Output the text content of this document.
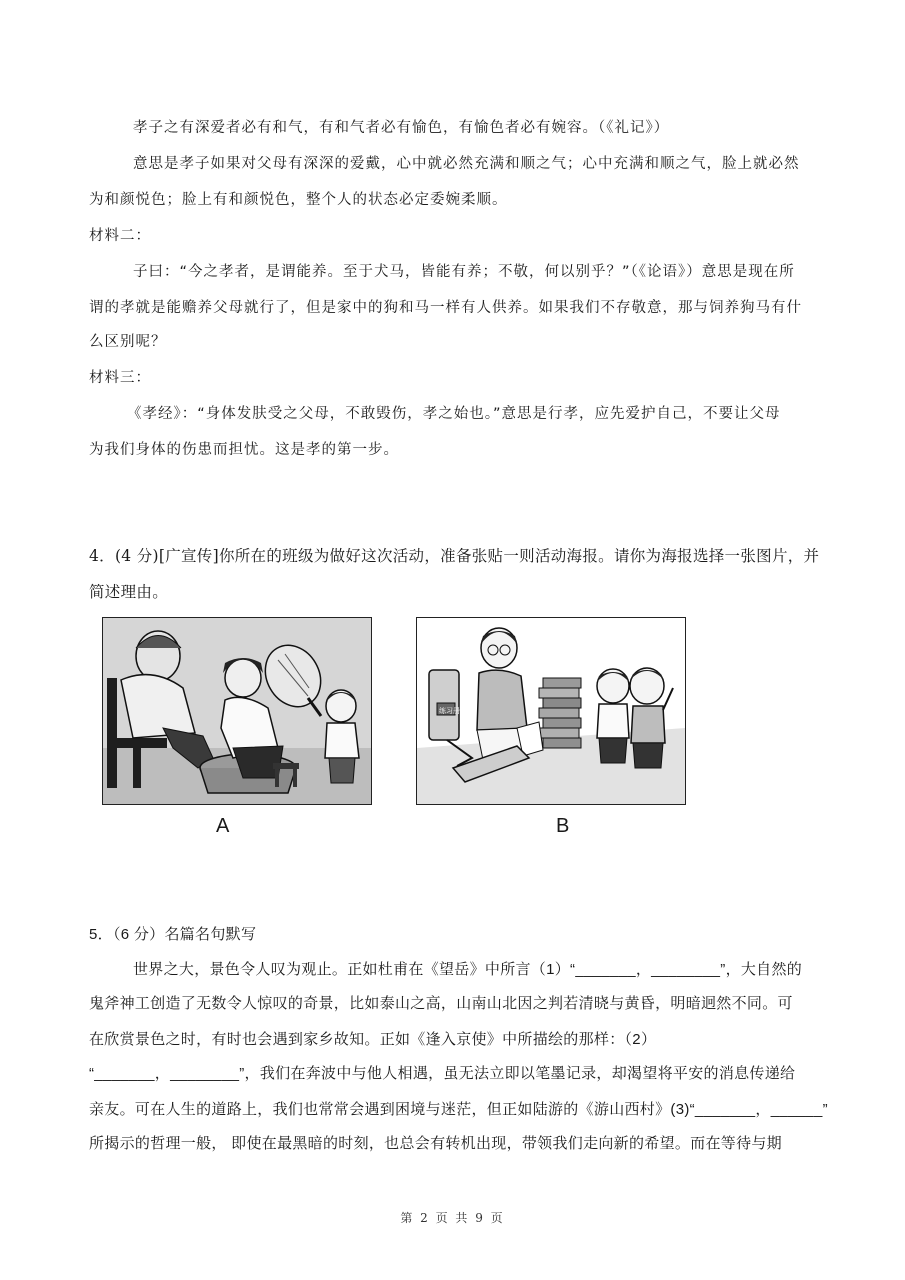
孝子之有深爱者必有和气，有和气者必有愉色，有愉色者必有婉容。（《礼记》）
意思是孝子如果对父母有深深的爱戴，心中就必然充满和顺之气；心中充满和顺之气，脸上就必然
为和颜悦色；脸上有和颜悦色，整个人的状态必定委婉柔顺。
材料二：
子曰：“今之孝者，是谓能养。至于犬马，皆能有养；不敬，何以别乎？”（《论语》）意思是现在所
谓的孝就是能赡养父母就行了，但是家中的狗和马一样有人供养。如果我们不存敬意，那与饲养狗马有什
么区别呢？
材料三：
《孝经》：“身体发肤受之父母，不敢毁伤，孝之始也。”意思是行孝，应先爱护自己，不要让父母
为我们身体的伤患而担忧。这是孝的第一步。
4．(4 分)[广宣传]你所在的班级为做好这次活动，准备张贴一则活动海报。请你为海报选择一张图片，并
简述理由。
A
练习册
B
5．（6 分）名篇名句默写
世界之大，景色令人叹为观止。正如杜甫在《望岳》中所言（1）“_______，________”，大自然的
鬼斧神工创造了无数令人惊叹的奇景，比如泰山之高，山南山北因之判若清晓与黄昏，明暗迥然不同。可
在欣赏景色之时，有时也会遇到家乡故知。正如《逢入京使》中所描绘的那样：（2）
“_______，________”，我们在奔波中与他人相遇，虽无法立即以笔墨记录，却渴望将平安的消息传递给
亲友。可在人生的道路上，我们也常常会遇到困境与迷茫，但正如陆游的《游山西村》(3)“_______，______”
所揭示的哲理一般， 即使在最黑暗的时刻，也总会有转机出现，带领我们走向新的希望。而在等待与期
第 2 页 共 9 页
